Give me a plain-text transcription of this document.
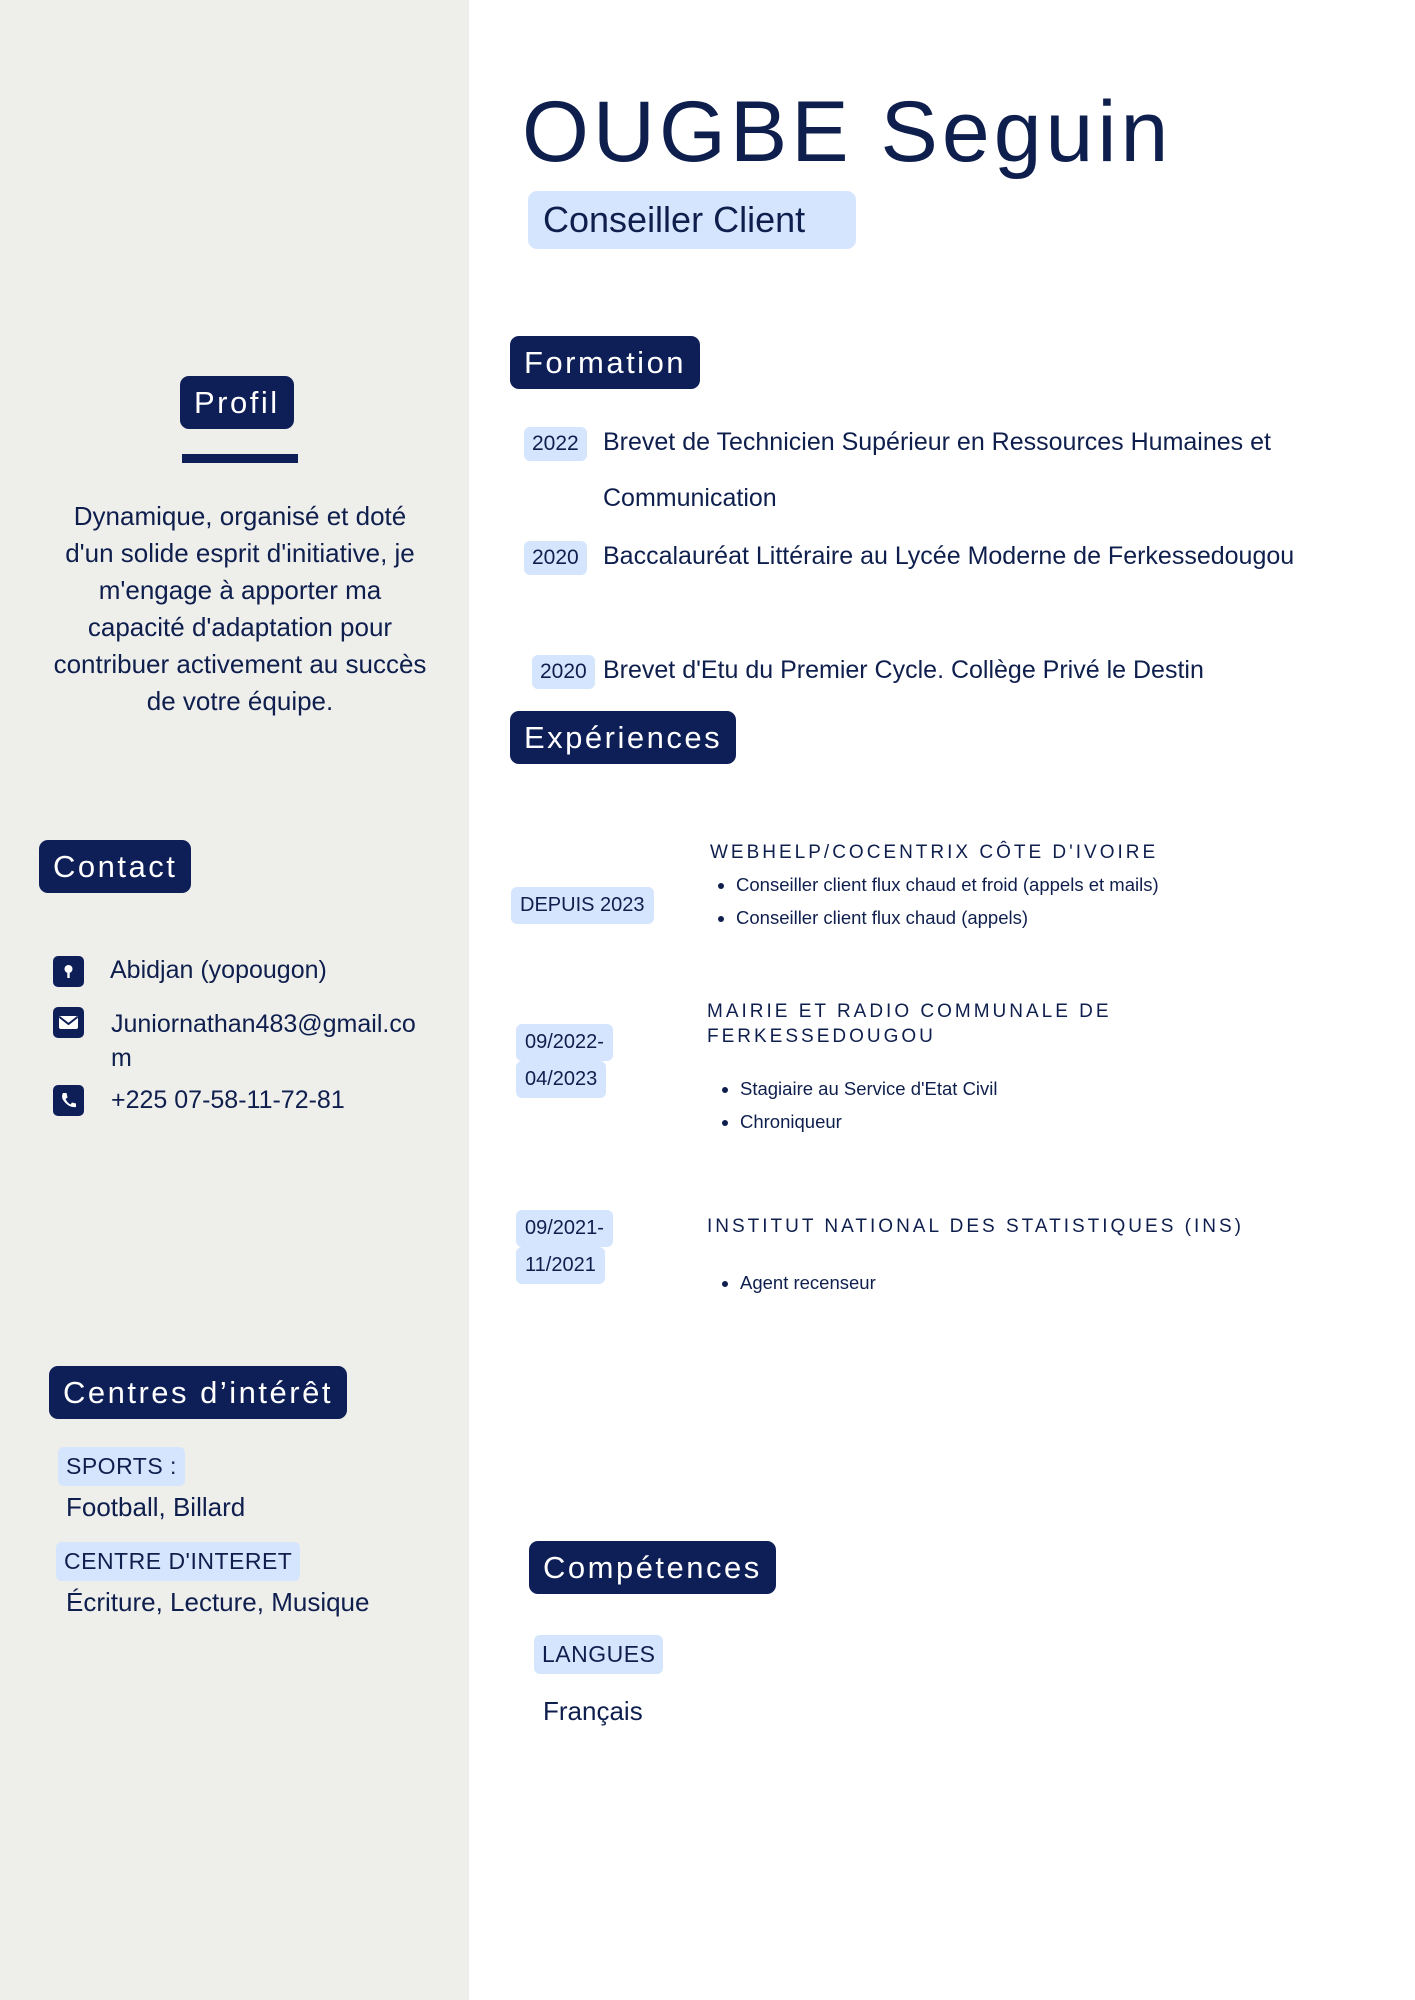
OUGBE Seguin
Conseiller Client
Profil

Dynamique, organisé et doté d'un solide esprit d'initiative, je m'engage à apporter ma capacité d'adaptation pour contribuer activement au succès de votre équipe.

Contact
Abidjan (yopougon)
Juniornathan483@gmail.co
m
+225 07-58-11-72-81
Centres d’intérêt
SPORTS :
Football, Billard
CENTRE D'INTERET
Écriture, Lecture, Musique
Formation
2022 Brevet de Technicien Supérieur en Ressources Humaines et
Communication
2020 Baccalauréat Littéraire au Lycée Moderne de Ferkessedougou
2020 Brevet d'Etu du Premier Cycle. Collège Privé le Destin
Expériences
DEPUIS 2023
WEBHELP/COCENTRIX CÔTE D'IVOIRE
• Conseiller client flux chaud et froid (appels et mails)
• Conseiller client flux chaud (appels)
09/2022-
04/2023
MAIRIE ET RADIO COMMUNALE DE
FERKESSEDOUGOU
• Stagiaire au Service d'Etat Civil
• Chroniqueur
09/2021-
11/2021
INSTITUT NATIONAL DES STATISTIQUES (INS)
• Agent recenseur
Compétences
LANGUES
Français
